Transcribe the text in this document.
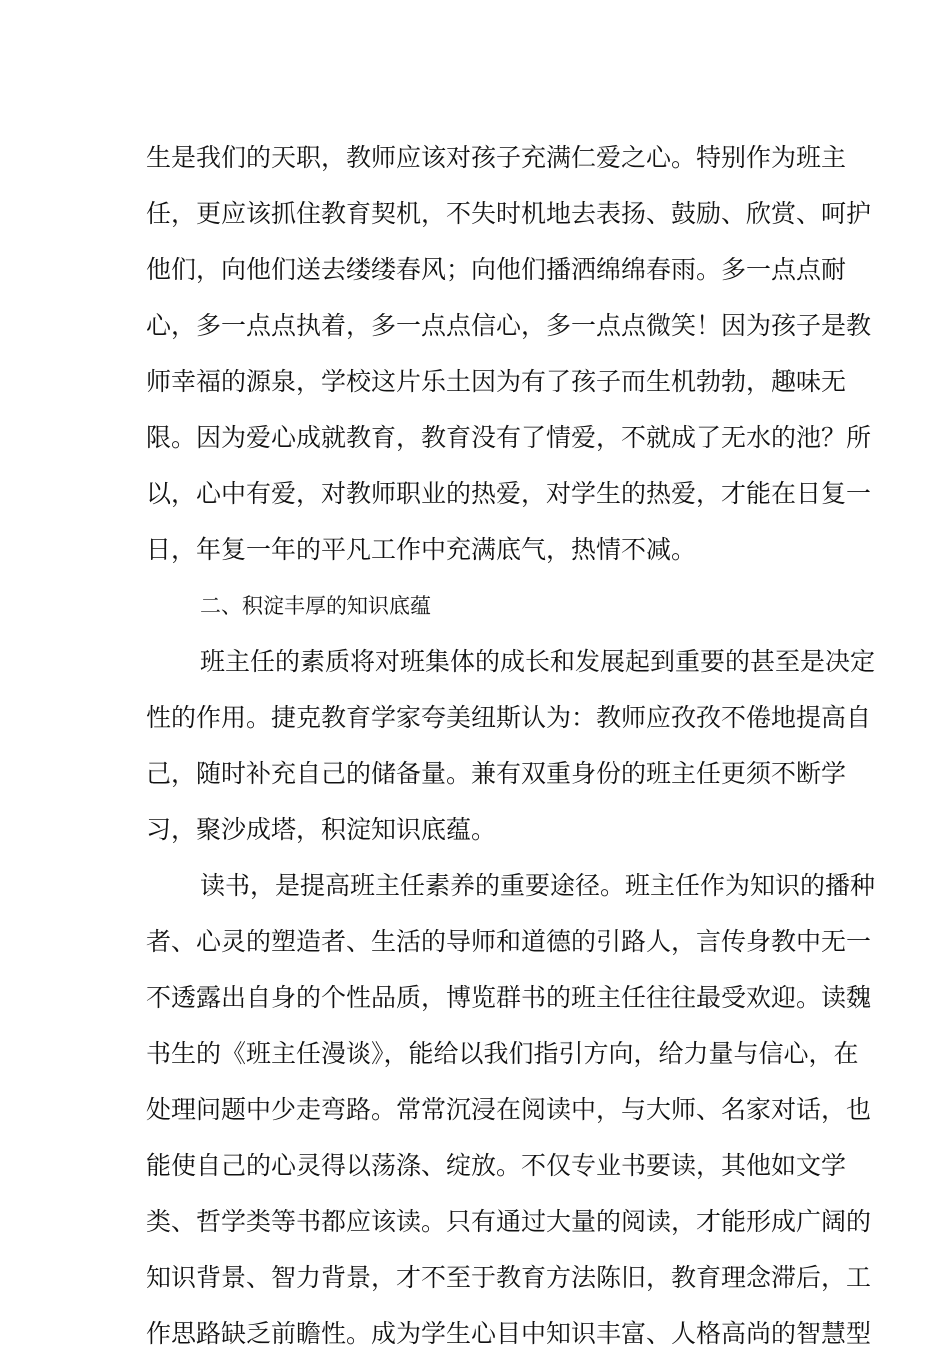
生是我们的天职，教师应该对孩子充满仁爱之心。特别作为班主
任，更应该抓住教育契机，不失时机地去表扬、鼓励、欣赏、呵护
他们，向他们送去缕缕春风；向他们播洒绵绵春雨。多一点点耐
心，多一点点执着，多一点点信心，多一点点微笑！因为孩子是教
师幸福的源泉，学校这片乐土因为有了孩子而生机勃勃，趣味无
限。因为爱心成就教育，教育没有了情爱，不就成了无水的池？所
以，心中有爱，对教师职业的热爱，对学生的热爱，才能在日复一
日，年复一年的平凡工作中充满底气，热情不减。
二、积淀丰厚的知识底蕴
班主任的素质将对班集体的成长和发展起到重要的甚至是决定
性的作用。捷克教育学家夸美纽斯认为：教师应孜孜不倦地提高自
己，随时补充自己的储备量。兼有双重身份的班主任更须不断学
习，聚沙成塔，积淀知识底蕴。
读书，是提高班主任素养的重要途径。班主任作为知识的播种
者、心灵的塑造者、生活的导师和道德的引路人，言传身教中无一
不透露出自身的个性品质，博览群书的班主任往往最受欢迎。读魏
书生的《班主任漫谈》，能给以我们指引方向，给力量与信心，在
处理问题中少走弯路。常常沉浸在阅读中，与大师、名家对话，也
能使自己的心灵得以荡涤、绽放。不仅专业书要读，其他如文学
类、哲学类等书都应该读。只有通过大量的阅读，才能形成广阔的
知识背景、智力背景，才不至于教育方法陈旧，教育理念滞后，工
作思路缺乏前瞻性。成为学生心目中知识丰富、人格高尚的智慧型
